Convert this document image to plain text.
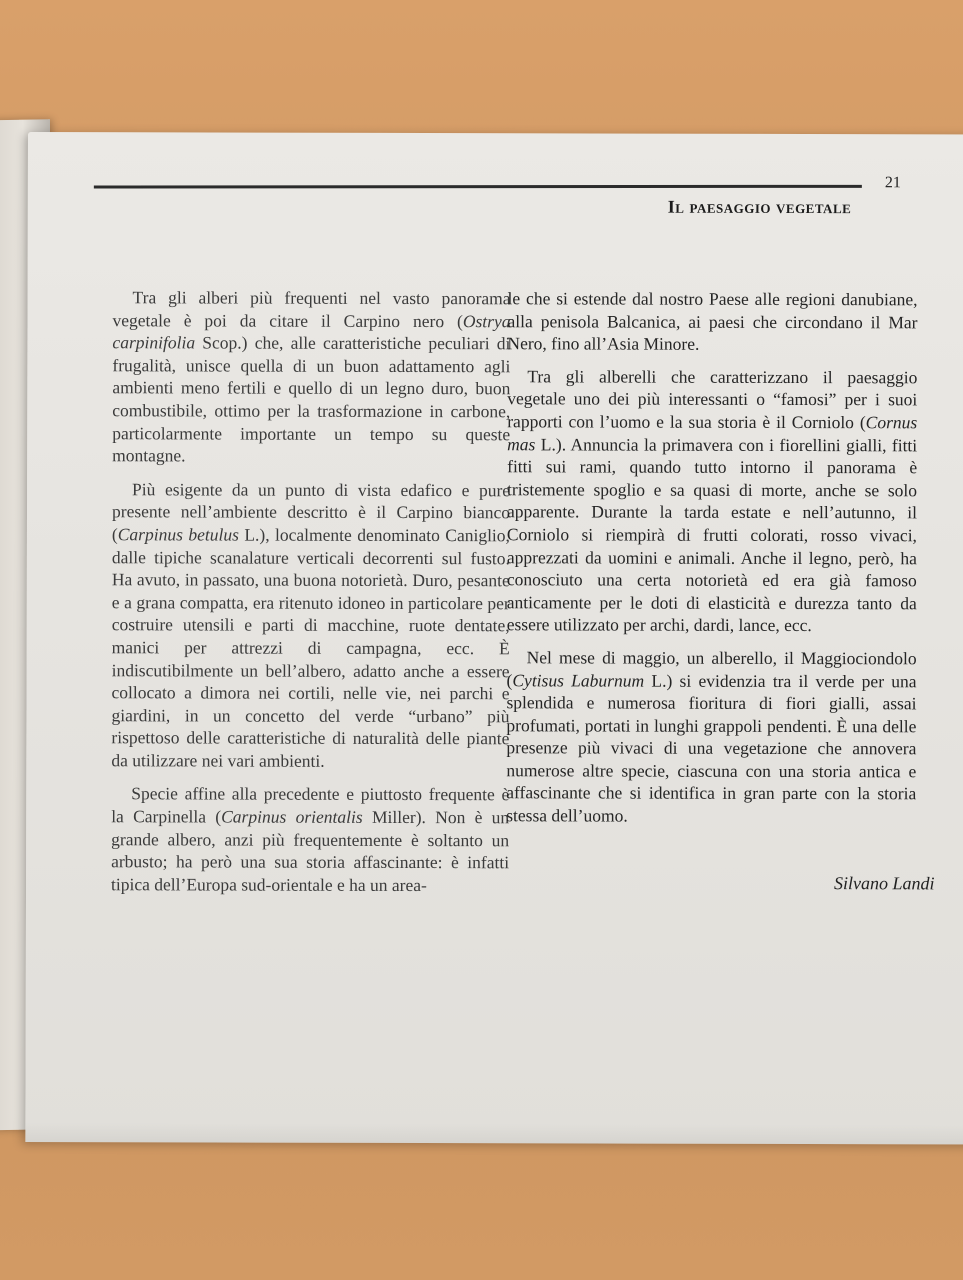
21
Il paesaggio vegetale

Tra gli alberi più frequenti nel vasto panorama vegetale è poi da citare il Carpino nero (Ostrya carpinifolia Scop.) che, alle caratteristiche peculiari di frugalità, unisce quella di un buon adattamento agli ambienti meno fertili e quello di un legno duro, buon combustibile, ottimo per la trasformazione in carbone, particolarmente importante un tempo su queste montagne.

Più esigente da un punto di vista edafico e pure presente nell’ambiente descritto è il Carpino bianco (Carpinus betulus L.), localmente denominato Caniglio, dalle tipiche scanalature verticali decorrenti sul fusto. Ha avuto, in passato, una buona notorietà. Duro, pesante e a grana compatta, era ritenuto idoneo in particolare per costruire utensili e parti di macchine, ruote dentate, manici per attrezzi di campagna, ecc. È indiscutibilmente un bell’albero, adatto anche a essere collocato a dimora nei cortili, nelle vie, nei parchi e giardini, in un concetto del verde “urbano” più rispettoso delle caratteristiche di naturalità delle piante da utilizzare nei vari ambienti.

Specie affine alla precedente e piuttosto frequente è la Carpinella (Carpinus orientalis Miller). Non è un grande albero, anzi più frequentemente è soltanto un arbusto; ha però una sua storia affascinante: è infatti tipica dell’Europa sud-orientale e ha un area-

le che si estende dal nostro Paese alle regioni danubiane, alla penisola Balcanica, ai paesi che circondano il Mar Nero, fino all’Asia Minore.

Tra gli alberelli che caratterizzano il paesaggio vegetale uno dei più interessanti o “famosi” per i suoi rapporti con l’uomo e la sua storia è il Corniolo (Cornus mas L.). Annuncia la primavera con i fiorellini gialli, fitti fitti sui rami, quando tutto intorno il panorama è tristemente spoglio e sa quasi di morte, anche se solo apparente. Durante la tarda estate e nell’autunno, il Corniolo si riempirà di frutti colorati, rosso vivaci, apprezzati da uomini e animali. Anche il legno, però, ha conosciuto una certa notorietà ed era già famoso anticamente per le doti di elasticità e durezza tanto da essere utilizzato per archi, dardi, lance, ecc.

Nel mese di maggio, un alberello, il Maggiociondolo (Cytisus Laburnum L.) si evidenzia tra il verde per una splendida e numerosa fioritura di fiori gialli, assai profumati, portati in lunghi grappoli pendenti. È una delle presenze più vivaci di una vegetazione che annovera numerose altre specie, ciascuna con una storia antica e affascinante che si identifica in gran parte con la storia stessa dell’uomo.

Silvano Landi
